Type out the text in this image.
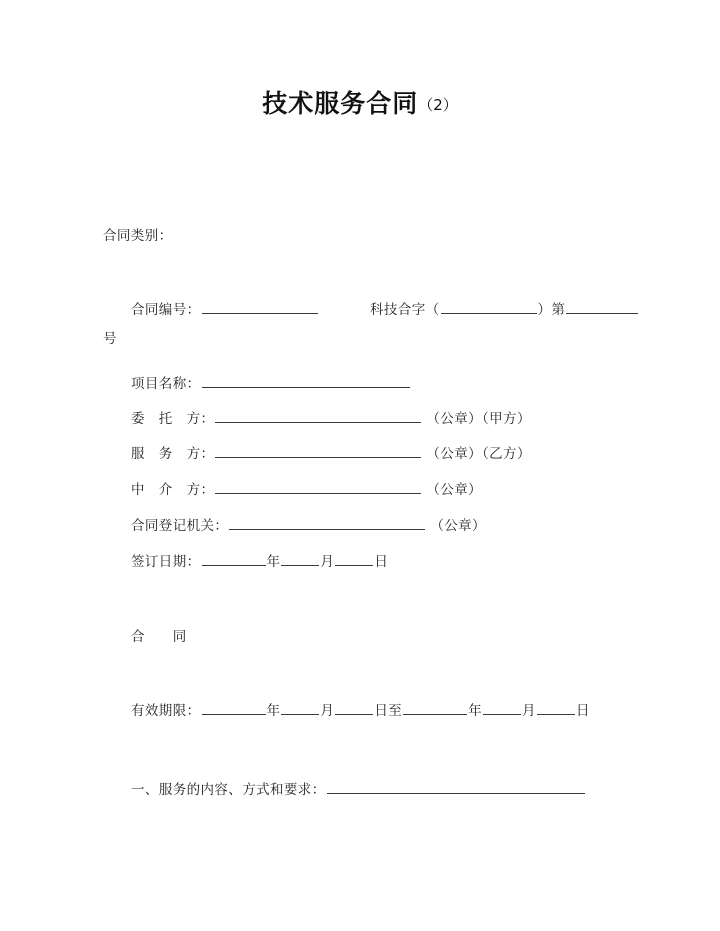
技术服务合同（2）
合同类别：
合同编号：	科技合字（	）第
号
项目名称：
委　托　方：	（公章）（甲方）
服　务　方：	（公章）（乙方）
中　介　方：	（公章）
合同登记机关：	（公章）
签订日期：	年	月	日
合　　同
有效期限：	年	月	日至	年	月	日
一、服务的内容、方式和要求：
